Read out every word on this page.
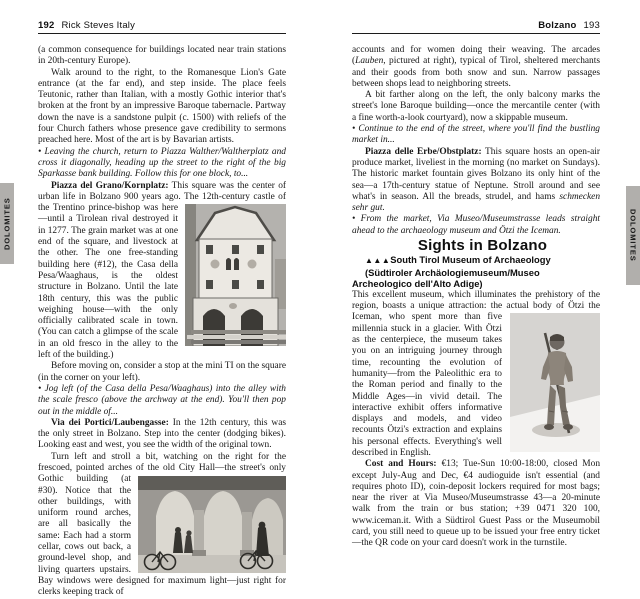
192 Rick Steves Italy

(a common consequence for buildings located near train stations in 20th-century Europe).

Walk around to the right, to the Romanesque Lion's Gate entrance (at the far end), and step inside. The place feels Teutonic, rather than Italian, with a mostly Gothic interior that's broken at the front by an impressive Baroque tabernacle. Partway down the nave is a sandstone pulpit (c. 1500) with reliefs of the four Church fathers whose presence gave credibility to sermons preached here. Most of the art is by Bavarian artists.

• Leaving the church, return to Piazza Walther/Waltherplatz and cross it diagonally, heading up the street to the right of the big Sparkasse bank building. Follow this for one block, to...

Piazza del Grano/Kornplatz: This square was the center of urban life in Bolzano 900 years ago. The 12th-century castle of
the Trentino prince-bishop was here—until a Tirolean rival destroyed it in 1277. The grain market was at one end of the square, and livestock at the other. The one free-standing building here (#12), the Casa della Pesa/Waaghaus, is the oldest structure in Bolzano. Until the late 18th century, this was the public weighing house—with the only officially calibrated scale in town. (You can catch a glimpse of the scale in an old fresco in the alley to the left of the building.)

Before moving on, consider a stop at the mini TI on the square (in the corner on your left).

• Jog left (of the Casa della Pesa/Waaghaus) into the alley with the scale fresco (above the archway at the end). You'll then pop out in the middle of...

Via dei Portici/Laubengasse: In the 12th century, this was the only street in Bolzano. Step into the center (dodging bikes). Looking east and west, you see the width of the original town.

Turn left and stroll a bit, watching on the right for the frescoed, pointed arches of the old City Hall—the street's only Gothic building (at #30). Notice that the other buildings, with uniform round arches, are all basically the same: Each had a storm cellar, cows out back, a ground-level shop, and living quarters upstairs. Bay windows were designed for maximum light—just right for clerks keeping track of

Bolzano 193

accounts and for women doing their weaving. The arcades (Lauben, pictured at right), typical of Tirol, sheltered merchants and their goods from both snow and sun. Narrow passages between shops lead to neighboring streets.

A bit farther along on the left, the only balcony marks the street's lone Baroque building—once the mercantile center (with a fine worth-a-look courtyard), now a skippable museum.

• Continue to the end of the street, where you'll find the bustling market in...

Piazza delle Erbe/Obstplatz: This square hosts an open-air produce market, liveliest in the morning (no market on Sundays). The historic market fountain gives Bolzano its only hint of the sea—a 17th-century statue of Neptune. Stroll around and see what's in season. All the breads, strudel, and hams schmecken sehr gut.

• From the market, Via Museo/Museumstrasse leads straight ahead to the archaeology museum and Ötzi the Iceman.

Sights in Bolzano

▲▲▲South Tirol Museum of Archaeology
(Südtiroler Archäologiemuseum/Museo Archeologico dell'Alto Adige)

This excellent museum, which illuminates the prehistory of the region, boasts a unique attraction: the actual body of Ötzi the Iceman, who spent more than five millennia stuck in a glacier. With Ötzi as the centerpiece, the museum takes you on an intriguing journey through time, recounting the evolution of humanity—from the Paleolithic era to the Roman period and finally to the Middle Ages—in vivid detail. The interactive exhibit offers informative displays and models, and video recounts Ötzi's extraction and explains his personal effects. Everything's well described in English.

Cost and Hours: €13; Tue-Sun 10:00-18:00, closed Mon except July-Aug and Dec, €4 audioguide isn't essential (and requires photo ID), coin-deposit lockers required for most bags; near the river at Via Museo/Museumstrasse 43—a 20-minute walk from the train or bus station; +39 0471 320 100, www.iceman.it. With a Südtirol Guest Pass or the Museumobil card, you still need to queue up to be issued your free entry ticket—the QR code on your card doesn't work in the turnstile.

DOLOMITES	DOLOMITES
